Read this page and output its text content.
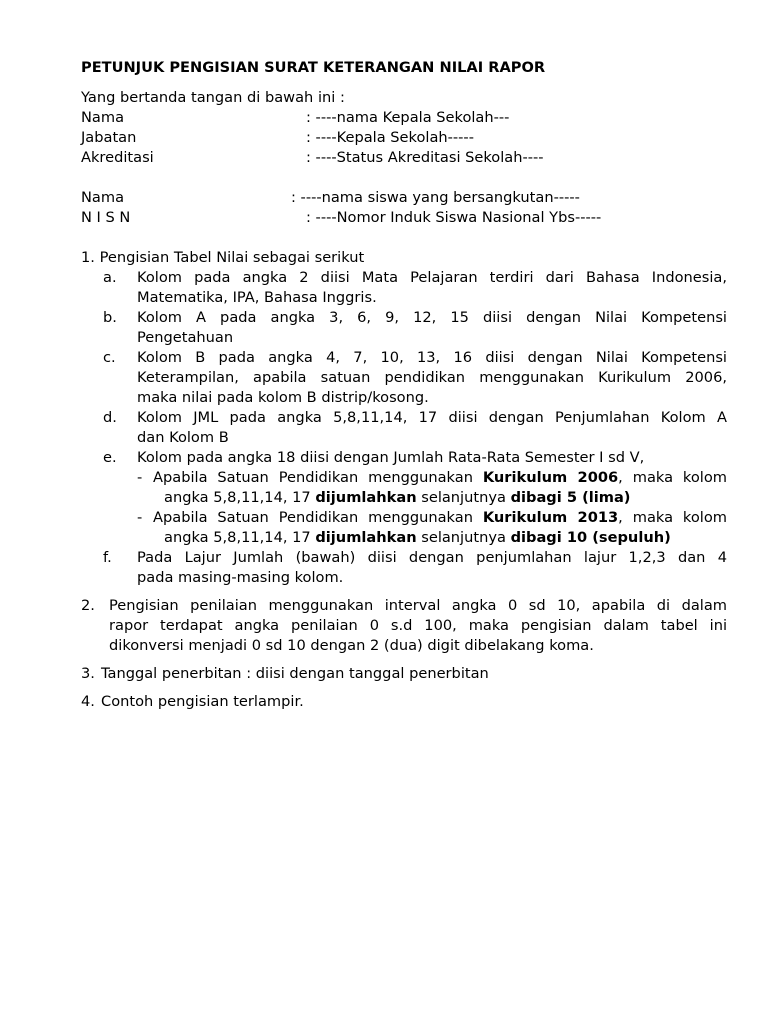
PETUNJUK PENGISIAN SURAT KETERANGAN NILAI RAPOR
Yang bertanda tangan di bawah ini :
Nama	: ----nama Kepala Sekolah---
Jabatan	: ----Kepala Sekolah-----
Akreditasi	: ----Status Akreditasi Sekolah----
Nama	: ----nama siswa yang bersangkutan-----
N I S N	: ----Nomor Induk Siswa Nasional Ybs-----
1. Pengisian Tabel Nilai sebagai serikut
a. Kolom pada angka 2 diisi Mata Pelajaran terdiri dari Bahasa Indonesia,
Matematika, IPA, Bahasa Inggris.
b. Kolom A pada angka 3, 6, 9, 12, 15 diisi dengan Nilai Kompetensi
Pengetahuan
c. Kolom B pada angka 4, 7, 10, 13, 16 diisi dengan Nilai Kompetensi
Keterampilan, apabila satuan pendidikan menggunakan Kurikulum 2006,
maka nilai pada kolom B distrip/kosong.
d. Kolom JML pada angka 5,8,11,14, 17 diisi dengan Penjumlahan Kolom A
dan Kolom B
e. Kolom pada angka 18 diisi dengan Jumlah Rata-Rata Semester I sd V,
- Apabila Satuan Pendidikan menggunakan Kurikulum 2006, maka kolom
angka 5,8,11,14, 17 dijumlahkan selanjutnya dibagi 5 (lima)
- Apabila Satuan Pendidikan menggunakan Kurikulum 2013, maka kolom
angka 5,8,11,14, 17 dijumlahkan selanjutnya dibagi 10 (sepuluh)
f. Pada Lajur Jumlah (bawah) diisi dengan penjumlahan lajur 1,2,3 dan 4
pada masing-masing kolom.
2. Pengisian penilaian menggunakan interval angka 0 sd 10, apabila di dalam
rapor terdapat angka penilaian 0 s.d 100, maka pengisian dalam tabel ini
dikonversi menjadi 0 sd 10 dengan 2 (dua) digit dibelakang koma.
3. Tanggal penerbitan : diisi dengan tanggal penerbitan
4. Contoh pengisian terlampir.
